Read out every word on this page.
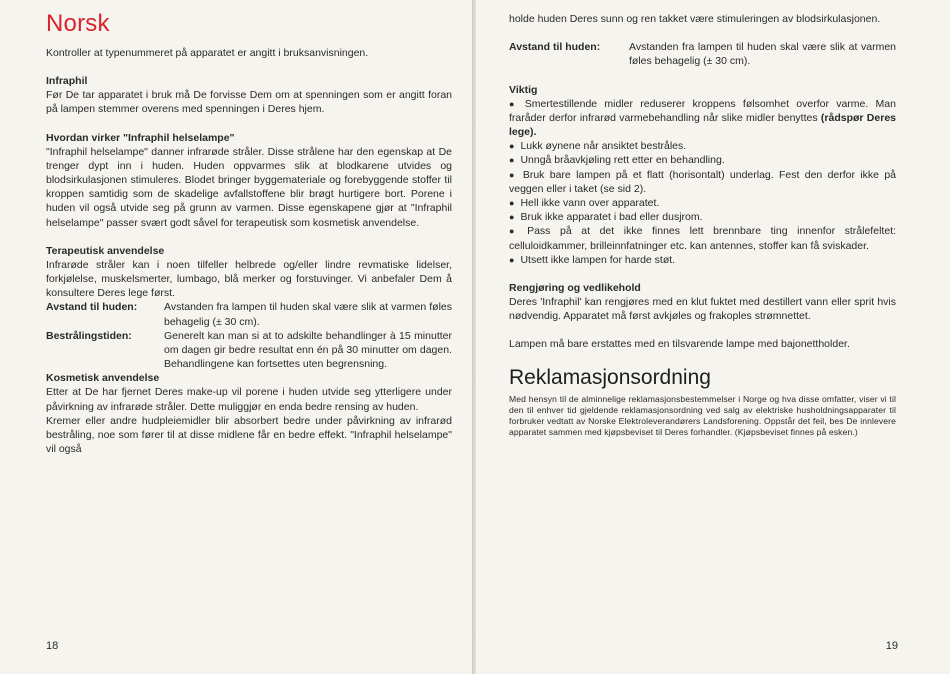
Norsk

Kontroller at typenummeret på apparatet er angitt i bruksanvisningen.

Infraphil

Før De tar apparatet i bruk må De forvisse Dem om at spenningen som er angitt foran på lampen stemmer overens med spenningen i Deres hjem.

Hvordan virker "Infraphil helselampe"

"Infraphil helselampe" danner infrarøde stråler. Disse strålene har den egenskap at De trenger dypt inn i huden. Huden oppvarmes slik at blodkarene utvides og blodsirkulasjonen stimuleres. Blodet bringer byggemateriale og forebyggende stoffer til kroppen samtidig som de skadelige avfallstoffene blir brøgt hurtigere bort. Porene i huden vil også utvide seg på grunn av varmen. Disse egenskapene gjør at "Infraphil helselampe" passer svært godt såvel for terapeutisk som kosmetisk anvendelse.

Terapeutisk anvendelse

Infrarøde stråler kan i noen tilfeller helbrede og/eller lindre revmatiske lidelser, forkjølelse, muskelsmerter, lumbago, blå merker og forstuvinger. Vi anbefaler Dem å konsultere Deres lege først.

Avstand til huden:	Avstanden fra lampen til huden skal være slik at varmen føles behagelig (± 30 cm).
Bestrålingstiden:	Generelt kan man si at to adskilte behandlinger à 15 minutter om dagen gir bedre resultat enn én på 30 minutter om dagen. Behandlingene kan fortsettes uten begrensning.
Kosmetisk anvendelse

Etter at De har fjernet Deres make-up vil porene i huden utvide seg ytterligere under påvirkning av infrarøde stråler. Dette muliggjør en enda bedre rensing av huden.

Kremer eller andre hudpleiemidler blir absorbert bedre under påvirkning av infrarød bestråling, noe som fører til at disse midlene får en bedre effekt. "Infraphil helselampe" vil også

18

holde huden Deres sunn og ren takket være stimuleringen av blodsirkulasjonen.

Avstand til huden:	Avstanden fra lampen til huden skal være slik at varmen føles behagelig (± 30 cm).
Viktig
● Smertestillende midler reduserer kroppens følsomhet overfor varme. Man fraråder derfor infrarød varmebehandling når slike midler benyttes (rådspør Deres lege).
● Lukk øynene når ansiktet bestråles.
● Unngå bråavkjøling rett etter en behandling.
● Bruk bare lampen på et flatt (horisontalt) underlag. Fest den derfor ikke på veggen eller i taket (se sid 2).
● Hell ikke vann over apparatet.
● Bruk ikke apparatet i bad eller dusjrom.
● Pass på at det ikke finnes lett brennbare ting innenfor strålefeltet: celluloidkammer, brilleinnfatninger etc. kan antennes, stoffer kan få sviskader.
● Utsett ikke lampen for harde støt.
Rengjøring og vedlikehold

Deres 'Infraphil' kan rengjøres med en klut fuktet med destillert vann eller sprit hvis nødvendig. Apparatet må først avkjøles og frakoples strømnettet.

Lampen må bare erstattes med en tilsvarende lampe med bajonettholder.

Reklamasjonsordning

Med hensyn til de alminnelige reklamasjonsbestemmelser i Norge og hva disse omfatter, viser vi til den til enhver tid gjeldende reklamasjonsordning ved salg av elektriske husholdningsapparater til forbruker vedtatt av Norske Elektroleverandørers Landsforening. Oppstår det feil, bes De innlevere apparatet sammen med kjøpsbeviset til Deres forhandler. (Kjøpsbeviset finnes på esken.)

19
